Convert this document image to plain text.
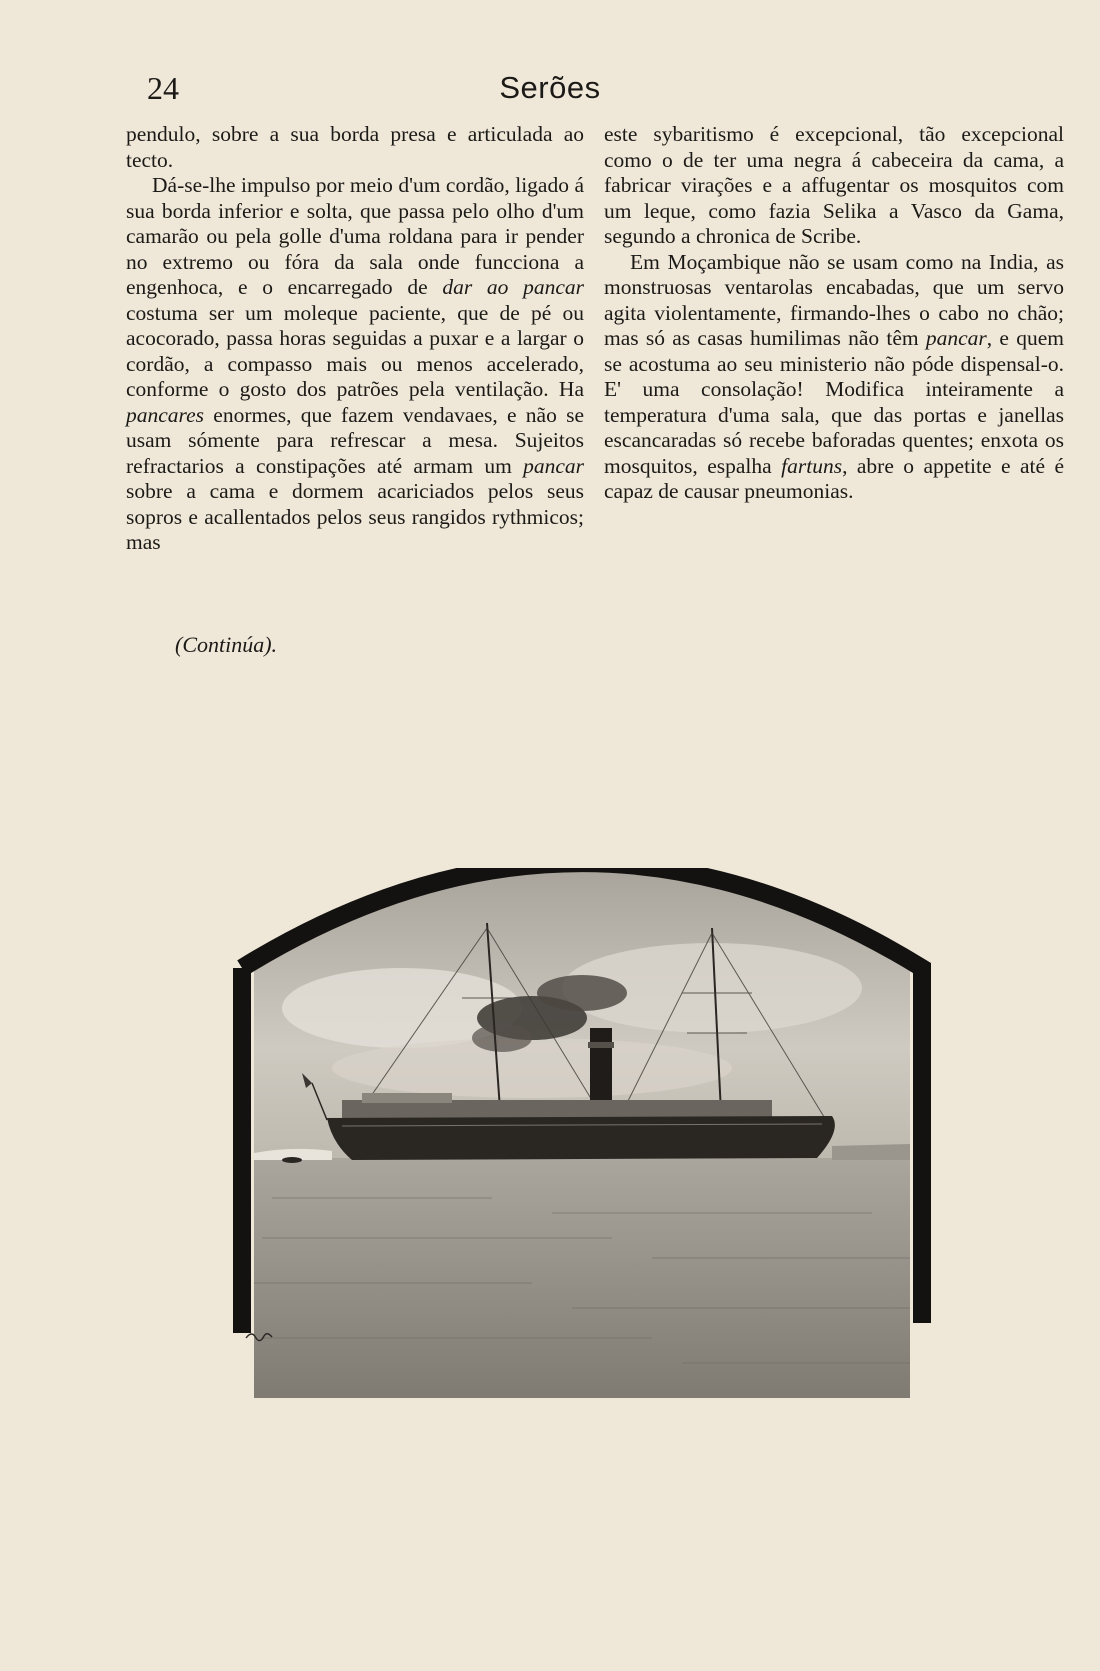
24	Serões

pendulo, sobre a sua borda presa e articulada ao tecto.

Dá-se-lhe impulso por meio d'um cordão, ligado á sua borda inferior e solta, que passa pelo olho d'um camarão ou pela golle d'uma roldana para ir pender no extremo ou fóra da sala onde funcciona a engenhoca, e o encarregado de dar ao pancar costuma ser um moleque paciente, que de pé ou acocorado, passa horas seguidas a puxar e a largar o cordão, a compasso mais ou menos accelerado, conforme o gosto dos patrões pela ventilação. Ha pancares enormes, que fazem vendavaes, e não se usam sómente para refrescar a mesa. Sujeitos refractarios a constipações até armam um pancar sobre a cama e dormem acariciados pelos seus sopros e acallentados pelos seus rangidos rythmicos; mas

este sybaritismo é excepcional, tão excepcional como o de ter uma negra á cabeceira da cama, a fabricar virações e a affugentar os mosquitos com um leque, como fazia Selika a Vasco da Gama, segundo a chronica de Scribe.

Em Moçambique não se usam como na India, as monstruosas ventarolas encabadas, que um servo agita violentamente, firmando-lhes o cabo no chão; mas só as casas humilimas não têm pancar, e quem se acostuma ao seu ministerio não póde dispensal-o. E' uma consolação! Modifica inteiramente a temperatura d'uma sala, que das portas e janellas escancaradas só recebe baforadas quentes; enxota os mosquitos, espalha fartuns, abre o appetite e até é capaz de causar pneumonias.

(Continúa).
